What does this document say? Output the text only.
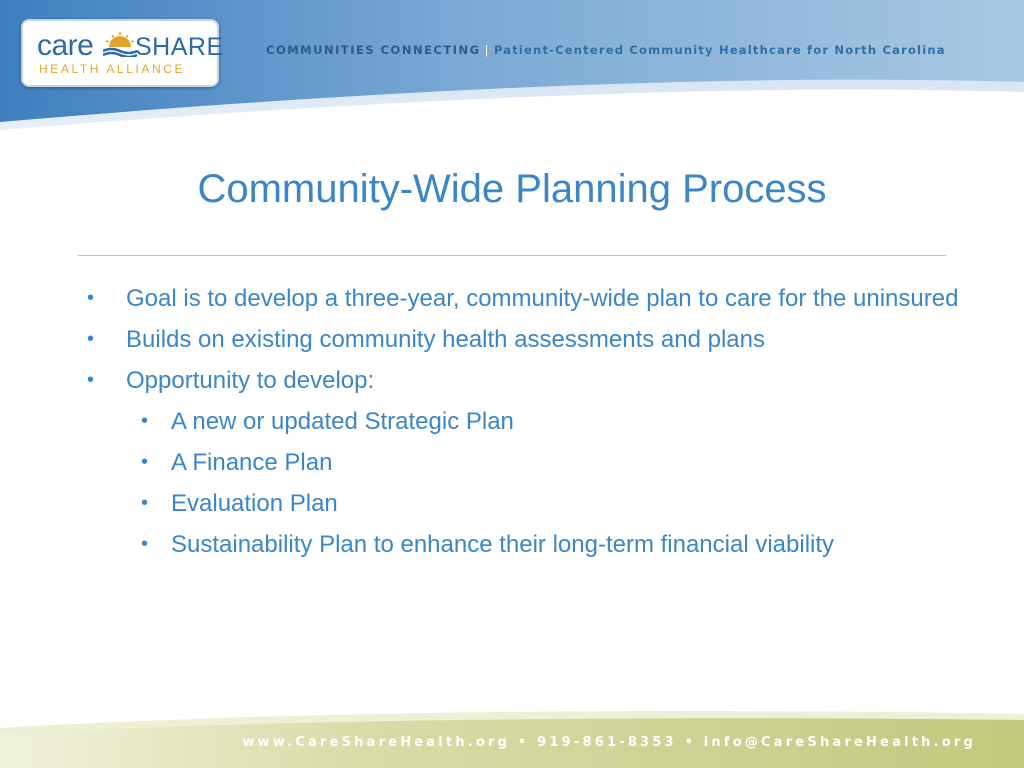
care SHARE
HEALTH ALLIANCE
COMMUNITIES CONNECTING | Patient-Centered Community Healthcare for North Carolina
Community-Wide Planning Process
• Goal is to develop a three-year, community-wide plan to care for the uninsured
• Builds on existing community health assessments and plans
• Opportunity to develop:
• A new or updated Strategic Plan
• A Finance Plan
• Evaluation Plan
• Sustainability Plan to enhance their long-term financial viability
www.CareShareHealth.org • 919-861-8353 • info@CareShareHealth.org
